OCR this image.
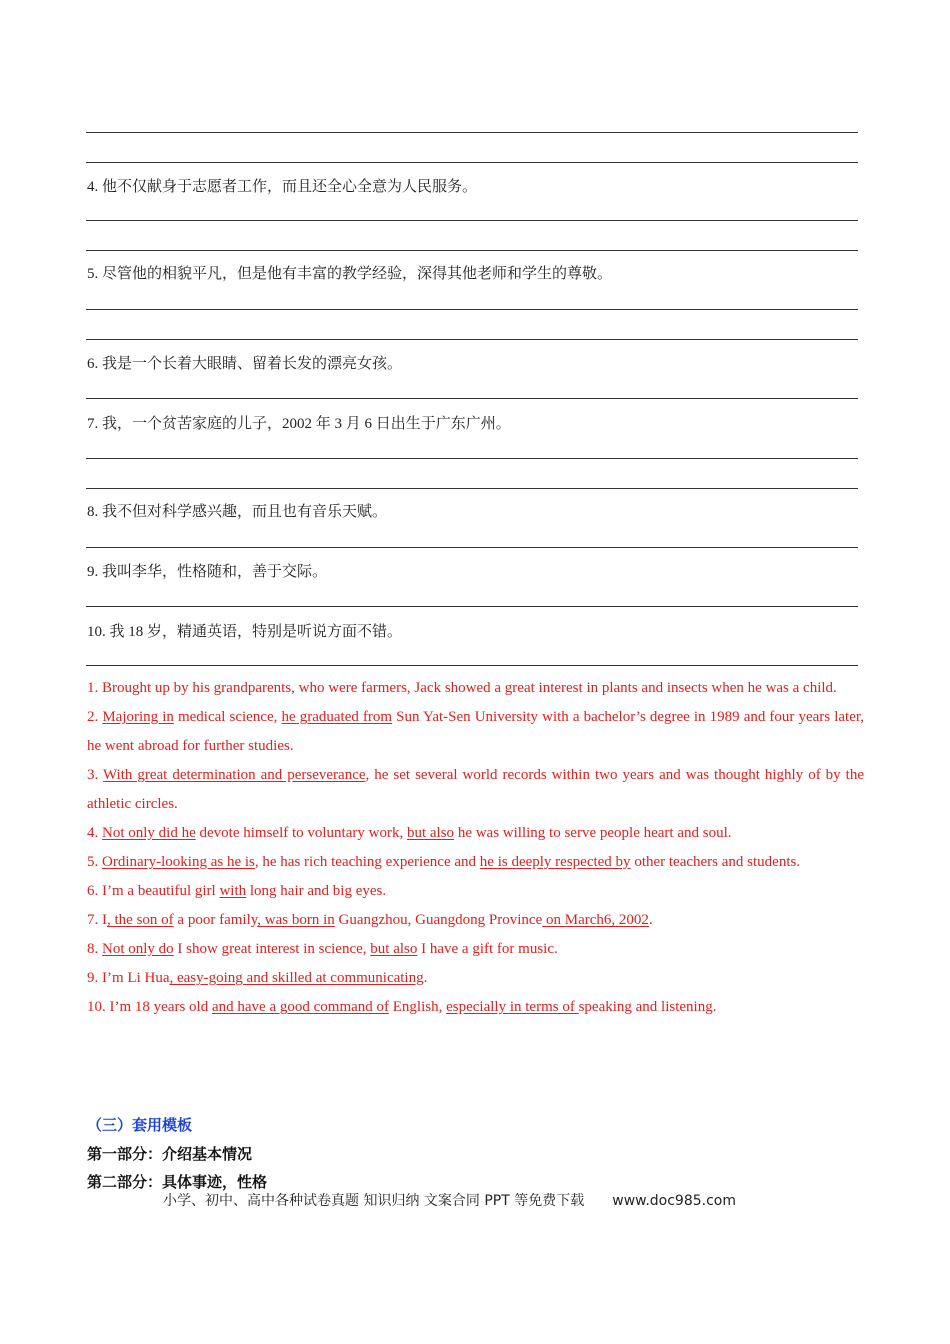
4. 他不仅献身于志愿者工作，而且还全心全意为人民服务。
5. 尽管他的相貌平凡，但是他有丰富的教学经验，深得其他老师和学生的尊敬。
6. 我是一个长着大眼睛、留着长发的漂亮女孩。
7. 我，一个贫苦家庭的儿子，2002 年 3 月 6 日出生于广东广州。
8. 我不但对科学感兴趣，而且也有音乐天赋。
9. 我叫李华，性格随和，善于交际。
10. 我 18 岁，精通英语，特别是听说方面不错。
1. Brought up by his grandparents, who were farmers, Jack showed a great interest in plants and insects when he was a child.
2. Majoring in medical science, he graduated from Sun Yat-Sen University with a bachelor’s degree in 1989 and four years later, he went abroad for further studies.
3. With great determination and perseverance, he set several world records within two years and was thought highly of by the athletic circles.
4. Not only did he devote himself to voluntary work, but also he was willing to serve people heart and soul.
5. Ordinary-looking as he is, he has rich teaching experience and he is deeply respected by other teachers and students.
6. I’m a beautiful girl with long hair and big eyes.
7. I, the son of a poor family, was born in Guangzhou, Guangdong Province on March6, 2002.
8. Not only do I show great interest in science, but also I have a gift for music.
9. I’m Li Hua, easy-going and skilled at communicating.
10. I’m 18 years old and have a good command of English, especially in terms of speaking and listening.
（三）套用模板
第一部分：介绍基本情况
第二部分：具体事迹，性格
小学、初中、高中各种试卷真题 知识归纳 文案合同 PPT 等免费下载 www.doc985.com
